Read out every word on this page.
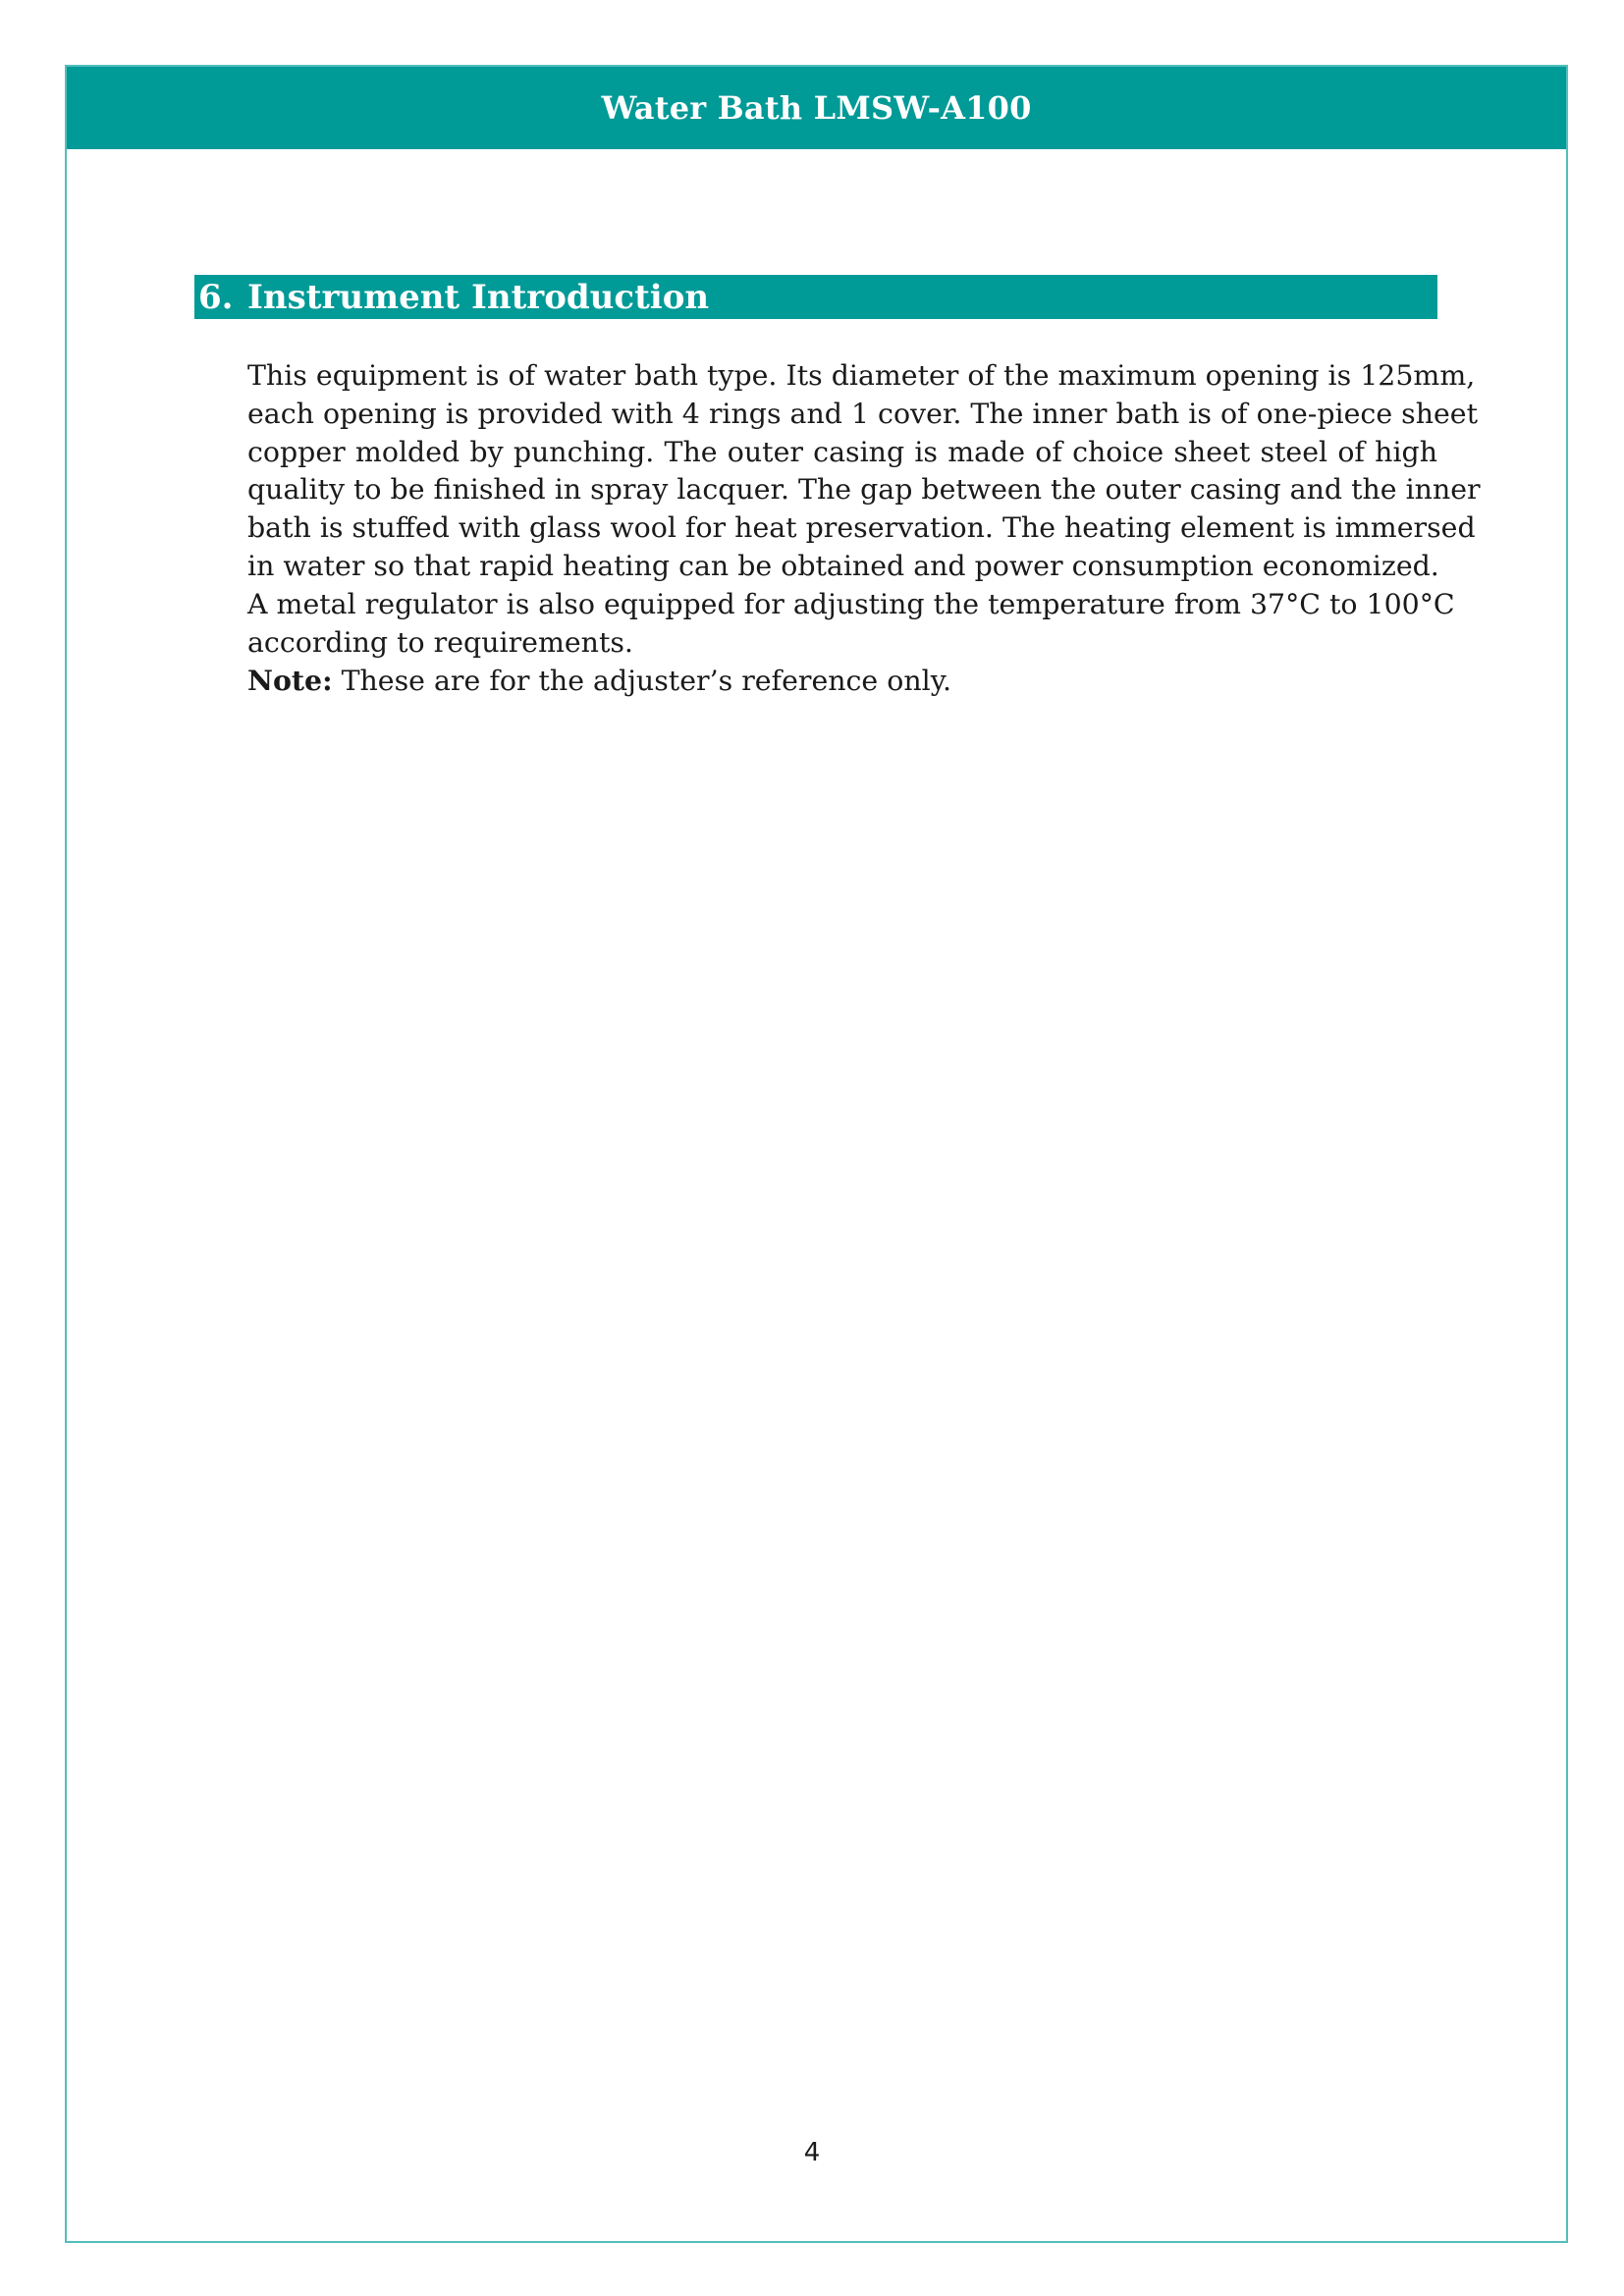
Water Bath LMSW-A100
6. Instrument Introduction
This equipment is of water bath type. Its diameter of the maximum opening is 125mm,
each opening is provided with 4 rings and 1 cover. The inner bath is of one-piece sheet
copper molded by punching. The outer casing is made of choice sheet steel of high
quality to be finished in spray lacquer. The gap between the outer casing and the inner
bath is stuffed with glass wool for heat preservation. The heating element is immersed
in water so that rapid heating can be obtained and power consumption economized.
A metal regulator is also equipped for adjusting the temperature from 37°C to 100°C
according to requirements.
Note: These are for the adjuster’s reference only.
4
